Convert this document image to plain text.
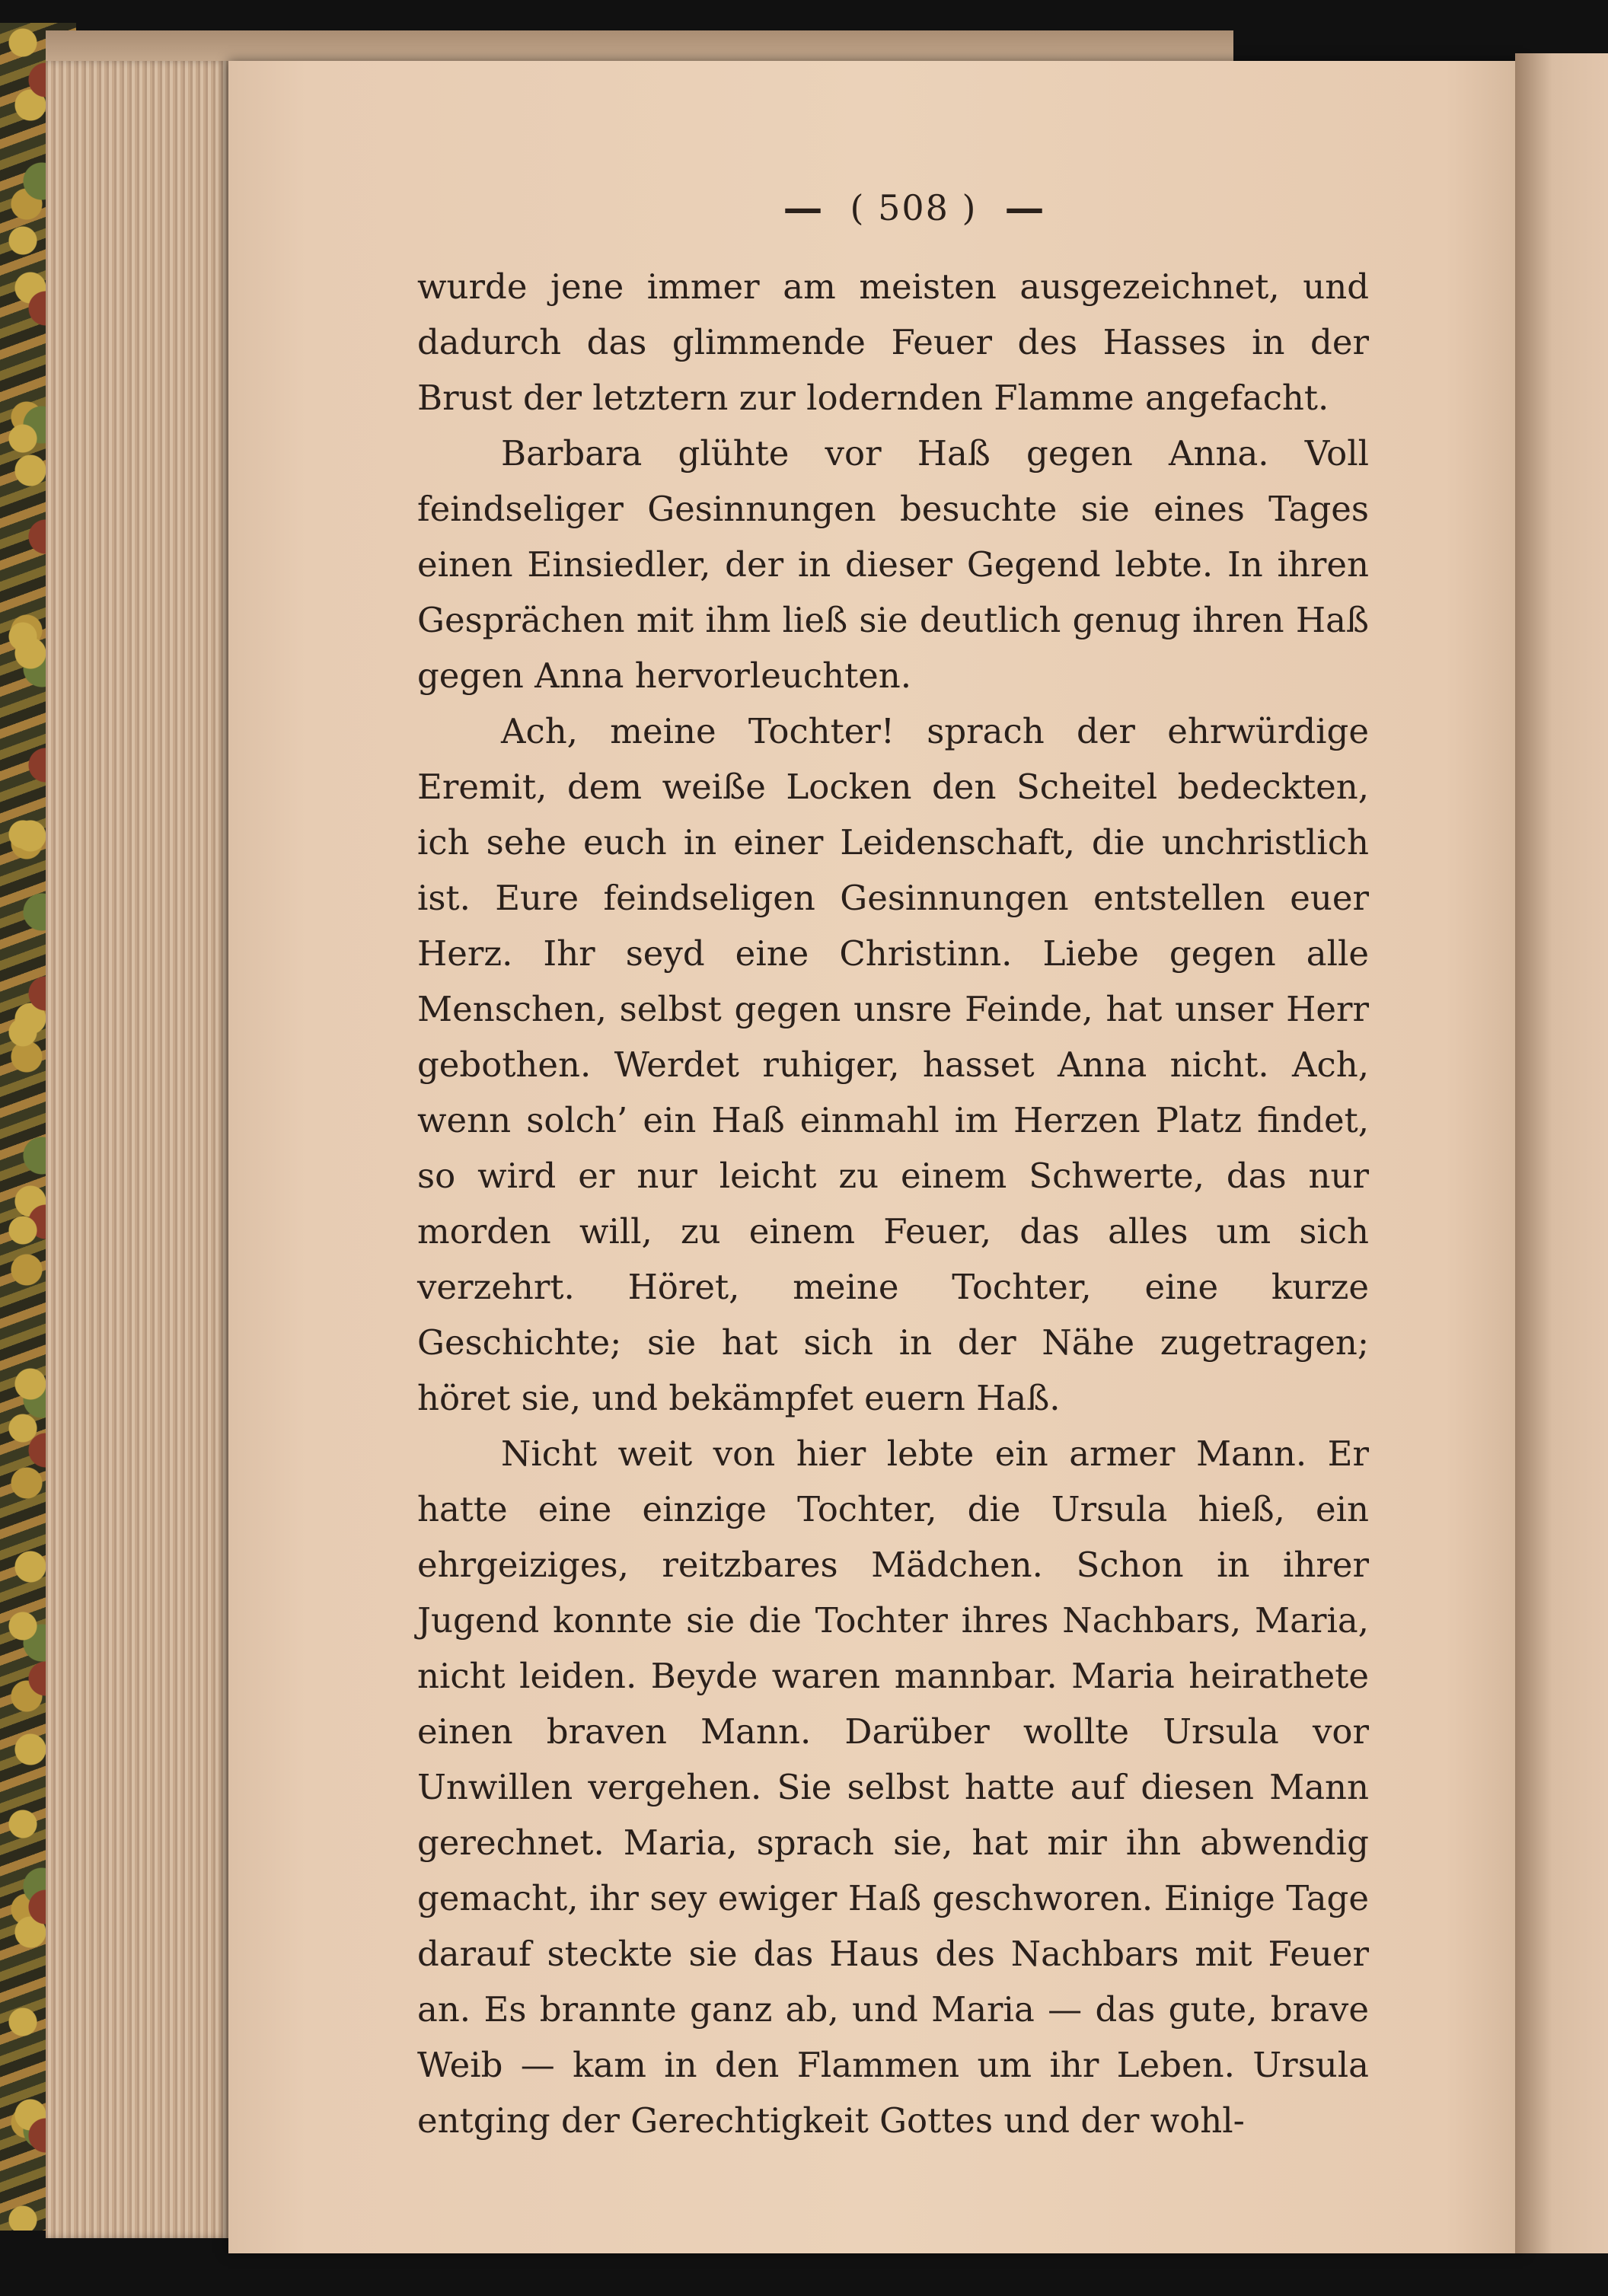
— ( 508 ) —

wurde jene immer am meisten ausgezeichnet, und dadurch das glimmende Feuer des Hasses in der Brust der letztern zur lodernden Flamme angefacht.

Barbara glühte vor Haß gegen Anna. Voll feindseliger Gesinnungen besuchte sie eines Tages einen Einsiedler, der in dieser Gegend lebte. In ihren Gesprächen mit ihm ließ sie deutlich genug ihren Haß gegen Anna hervorleuchten.

Ach, meine Tochter! sprach der ehrwürdige Eremit, dem weiße Locken den Scheitel bedeckten, ich sehe euch in einer Leidenschaft, die unchristlich ist. Eure feindseligen Gesinnungen entstellen euer Herz. Ihr seyd eine Christinn. Liebe gegen alle Menschen, selbst gegen unsre Feinde, hat unser Herr gebothen. Werdet ruhiger, hasset Anna nicht. Ach, wenn solch’ ein Haß einmahl im Herzen Platz findet, so wird er nur leicht zu einem Schwerte, das nur morden will, zu einem Feuer, das alles um sich verzehrt. Höret, meine Tochter, eine kurze Geschichte; sie hat sich in der Nähe zugetragen; höret sie, und bekämpfet euern Haß.

Nicht weit von hier lebte ein armer Mann. Er hatte eine einzige Tochter, die Ursula hieß, ein ehrgeiziges, reitzbares Mädchen. Schon in ihrer Jugend konnte sie die Tochter ihres Nachbars, Maria, nicht leiden. Beyde waren mannbar. Maria heirathete einen braven Mann. Darüber wollte Ursula vor Unwillen vergehen. Sie selbst hatte auf diesen Mann gerechnet. Maria, sprach sie, hat mir ihn abwendig gemacht, ihr sey ewiger Haß geschworen. Einige Tage darauf steckte sie das Haus des Nachbars mit Feuer an. Es brannte ganz ab, und Maria — das gute, brave Weib — kam in den Flammen um ihr Leben. Ursula entging der Gerechtigkeit Gottes und der wohl-
